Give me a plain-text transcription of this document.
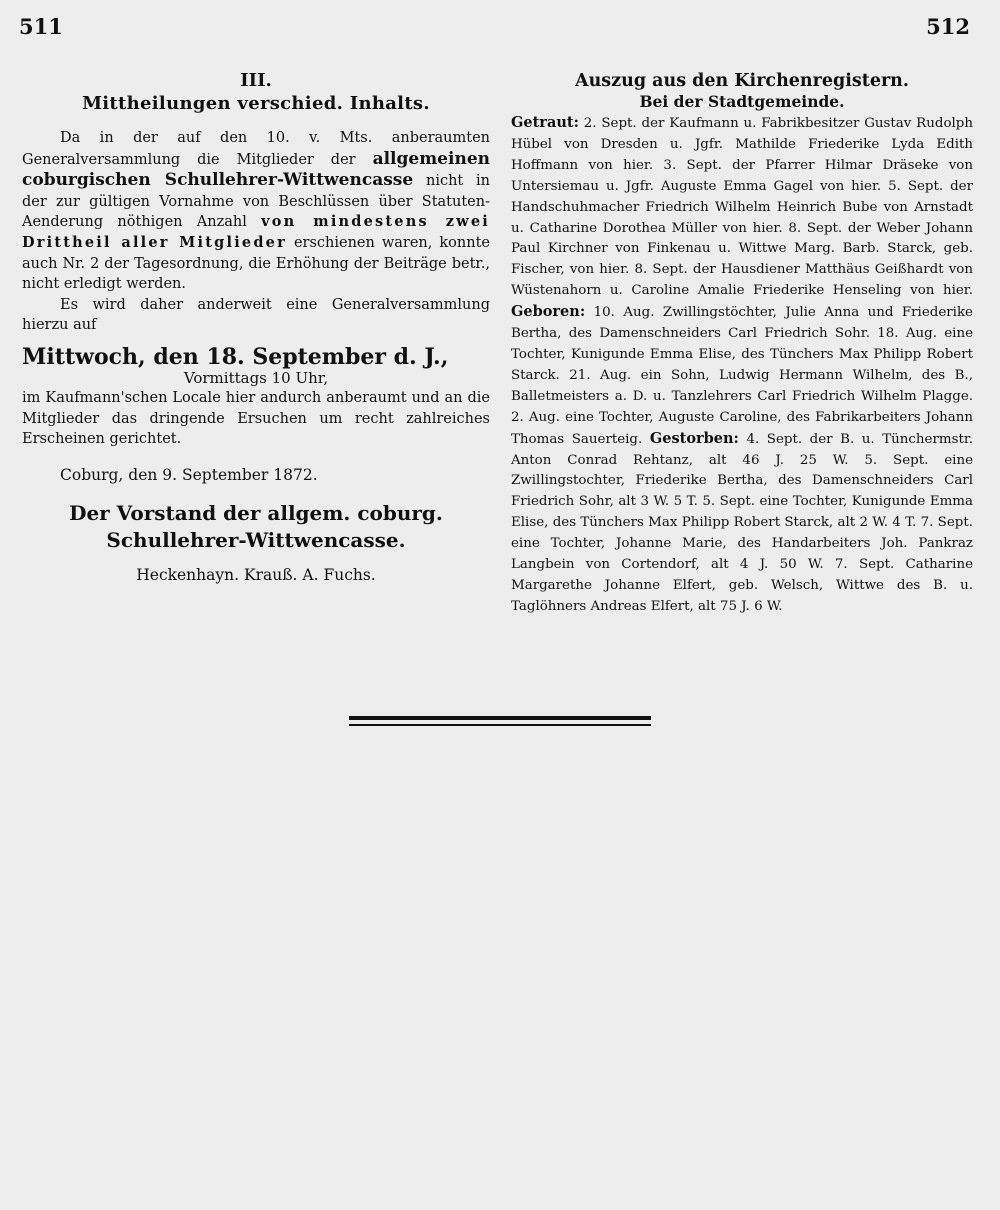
511	512

III.

Mittheilungen verschied. Inhalts.

Da in der auf den 10. v. Mts. anberaumten Generalversammlung die Mitglieder der allgemeinen coburgischen Schullehrer-Wittwencasse nicht in der zur gültigen Vornahme von Beschlüssen über Statuten-Aenderung nöthigen Anzahl von mindestens zwei Drittheil aller Mitglieder erschienen waren, konnte auch Nr. 2 der Tagesordnung, die Erhöhung der Beiträge betr., nicht erledigt werden.

Es wird daher anderweit eine Generalversammlung hierzu auf

Mittwoch, den 18. September d. J.,

Vormittags 10 Uhr,

im Kaufmann'schen Locale hier andurch anberaumt und an die Mitglieder das dringende Ersuchen um recht zahlreiches Erscheinen gerichtet.

Coburg, den 9. September 1872.

Der Vorstand der allgem. coburg.
Schullehrer-Wittwencasse.

Heckenhayn. Krauß. A. Fuchs.

Auszug aus den Kirchenregistern.

Bei der Stadtgemeinde.

Getraut: 2. Sept. der Kaufmann u. Fabrikbesitzer Gustav Rudolph Hübel von Dresden u. Jgfr. Mathilde Friederike Lyda Edith Hoffmann von hier. 3. Sept. der Pfarrer Hilmar Dräseke von Untersiemau u. Jgfr. Auguste Emma Gagel von hier. 5. Sept. der Handschuhmacher Friedrich Wilhelm Heinrich Bube von Arnstadt u. Catharine Dorothea Müller von hier. 8. Sept. der Weber Johann Paul Kirchner von Finkenau u. Wittwe Marg. Barb. Starck, geb. Fischer, von hier. 8. Sept. der Hausdiener Matthäus Geißhardt von Wüstenahorn u. Caroline Amalie Friederike Henseling von hier. Geboren: 10. Aug. Zwillingstöchter, Julie Anna und Friederike Bertha, des Damenschneiders Carl Friedrich Sohr. 18. Aug. eine Tochter, Kunigunde Emma Elise, des Tünchers Max Philipp Robert Starck. 21. Aug. ein Sohn, Ludwig Hermann Wilhelm, des B., Balletmeisters a. D. u. Tanzlehrers Carl Friedrich Wilhelm Plagge. 2. Aug. eine Tochter, Auguste Caroline, des Fabrikarbeiters Johann Thomas Sauerteig. Gestorben: 4. Sept. der B. u. Tünchermstr. Anton Conrad Rehtanz, alt 46 J. 25 W. 5. Sept. eine Zwillingstochter, Friederike Bertha, des Damenschneiders Carl Friedrich Sohr, alt 3 W. 5 T. 5. Sept. eine Tochter, Kunigunde Emma Elise, des Tünchers Max Philipp Robert Starck, alt 2 W. 4 T. 7. Sept. eine Tochter, Johanne Marie, des Handarbeiters Joh. Pankraz Langbein von Cortendorf, alt 4 J. 50 W. 7. Sept. Catharine Margarethe Johanne Elfert, geb. Welsch, Wittwe des B. u. Taglöhners Andreas Elfert, alt 75 J. 6 W.
